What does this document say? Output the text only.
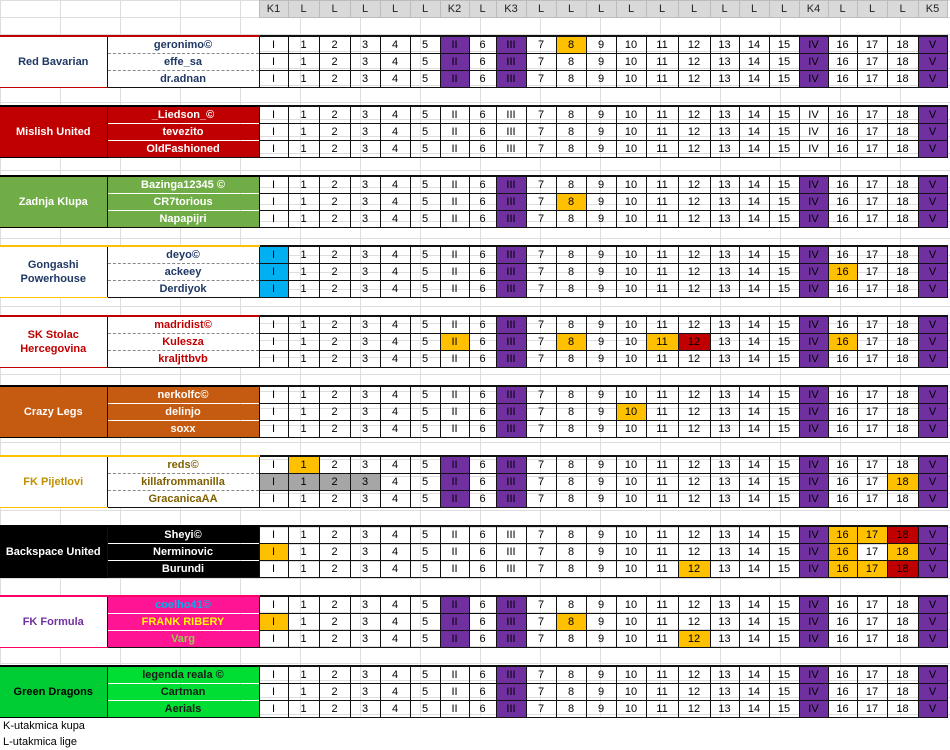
		K1	L	L	L	L	L	K2	L	K3	L	L	L	L	L	L	L	L	L	K4	L	L	L	K5

Red Bavarian	geronimo©	I	1	2	3	4	5	II	6	III	7	8	9	10	11	12	13	14	15	IV	16	17	18	V
	effe_sa	I	1	2	3	4	5	II	6	III	7	8	9	10	11	12	13	14	15	IV	16	17	18	V
	dr.adnan	I	1	2	3	4	5	II	6	III	7	8	9	10	11	12	13	14	15	IV	16	17	18	V

Mislish United	_Liedson_©	I	1	2	3	4	5	II	6	III	7	8	9	10	11	12	13	14	15	IV	16	17	18	V
	tevezito	I	1	2	3	4	5	II	6	III	7	8	9	10	11	12	13	14	15	IV	16	17	18	V
	OldFashioned	I	1	2	3	4	5	II	6	III	7	8	9	10	11	12	13	14	15	IV	16	17	18	V

Zadnja Klupa	Bazinga12345 ©	I	1	2	3	4	5	II	6	III	7	8	9	10	11	12	13	14	15	IV	16	17	18	V
	CR7torious	I	1	2	3	4	5	II	6	III	7	8	9	10	11	12	13	14	15	IV	16	17	18	V
	Napapijri	I	1	2	3	4	5	II	6	III	7	8	9	10	11	12	13	14	15	IV	16	17	18	V

Gongashi Powerhouse	deyo©	I	1	2	3	4	5	II	6	III	7	8	9	10	11	12	13	14	15	IV	16	17	18	V
	ackeey	I	1	2	3	4	5	II	6	III	7	8	9	10	11	12	13	14	15	IV	16	17	18	V
	Derdiyok	I	1	2	3	4	5	II	6	III	7	8	9	10	11	12	13	14	15	IV	16	17	18	V

SK Stolac Hercegovina	madridist©	I	1	2	3	4	5	II	6	III	7	8	9	10	11	12	13	14	15	IV	16	17	18	V
	Kulesza	I	1	2	3	4	5	II	6	III	7	8	9	10	11	12	13	14	15	IV	16	17	18	V
	kraljttbvb	I	1	2	3	4	5	II	6	III	7	8	9	10	11	12	13	14	15	IV	16	17	18	V

Crazy Legs	nerkolfc©	I	1	2	3	4	5	II	6	III	7	8	9	10	11	12	13	14	15	IV	16	17	18	V
	delinjo	I	1	2	3	4	5	II	6	III	7	8	9	10	11	12	13	14	15	IV	16	17	18	V
	soxx	I	1	2	3	4	5	II	6	III	7	8	9	10	11	12	13	14	15	IV	16	17	18	V

FK Pijetlovi	reds©	I	1	2	3	4	5	II	6	III	7	8	9	10	11	12	13	14	15	IV	16	17	18	V
	killafrommanilla	I	1	2	3	4	5	II	6	III	7	8	9	10	11	12	13	14	15	IV	16	17	18	V
	GracanicaAA	I	1	2	3	4	5	II	6	III	7	8	9	10	11	12	13	14	15	IV	16	17	18	V

Backspace United	Sheyi©	I	1	2	3	4	5	II	6	III	7	8	9	10	11	12	13	14	15	IV	16	17	18	V
	Nerminovic	I	1	2	3	4	5	II	6	III	7	8	9	10	11	12	13	14	15	IV	16	17	18	V
	Burundi	I	1	2	3	4	5	II	6	III	7	8	9	10	11	12	13	14	15	IV	16	17	18	V

FK Formula	coelho41©	I	1	2	3	4	5	II	6	III	7	8	9	10	11	12	13	14	15	IV	16	17	18	V
	FRANK RIBERY	I	1	2	3	4	5	II	6	III	7	8	9	10	11	12	13	14	15	IV	16	17	18	V
	Varg	I	1	2	3	4	5	II	6	III	7	8	9	10	11	12	13	14	15	IV	16	17	18	V

Green Dragons	legenda reala ©	I	1	2	3	4	5	II	6	III	7	8	9	10	11	12	13	14	15	IV	16	17	18	V
	Cartman	I	1	2	3	4	5	II	6	III	7	8	9	10	11	12	13	14	15	IV	16	17	18	V
	Aerials	I	1	2	3	4	5	II	6	III	7	8	9	10	11	12	13	14	15	IV	16	17	18	V
K-utakmica kupa																								
L-utakmica lige																								
